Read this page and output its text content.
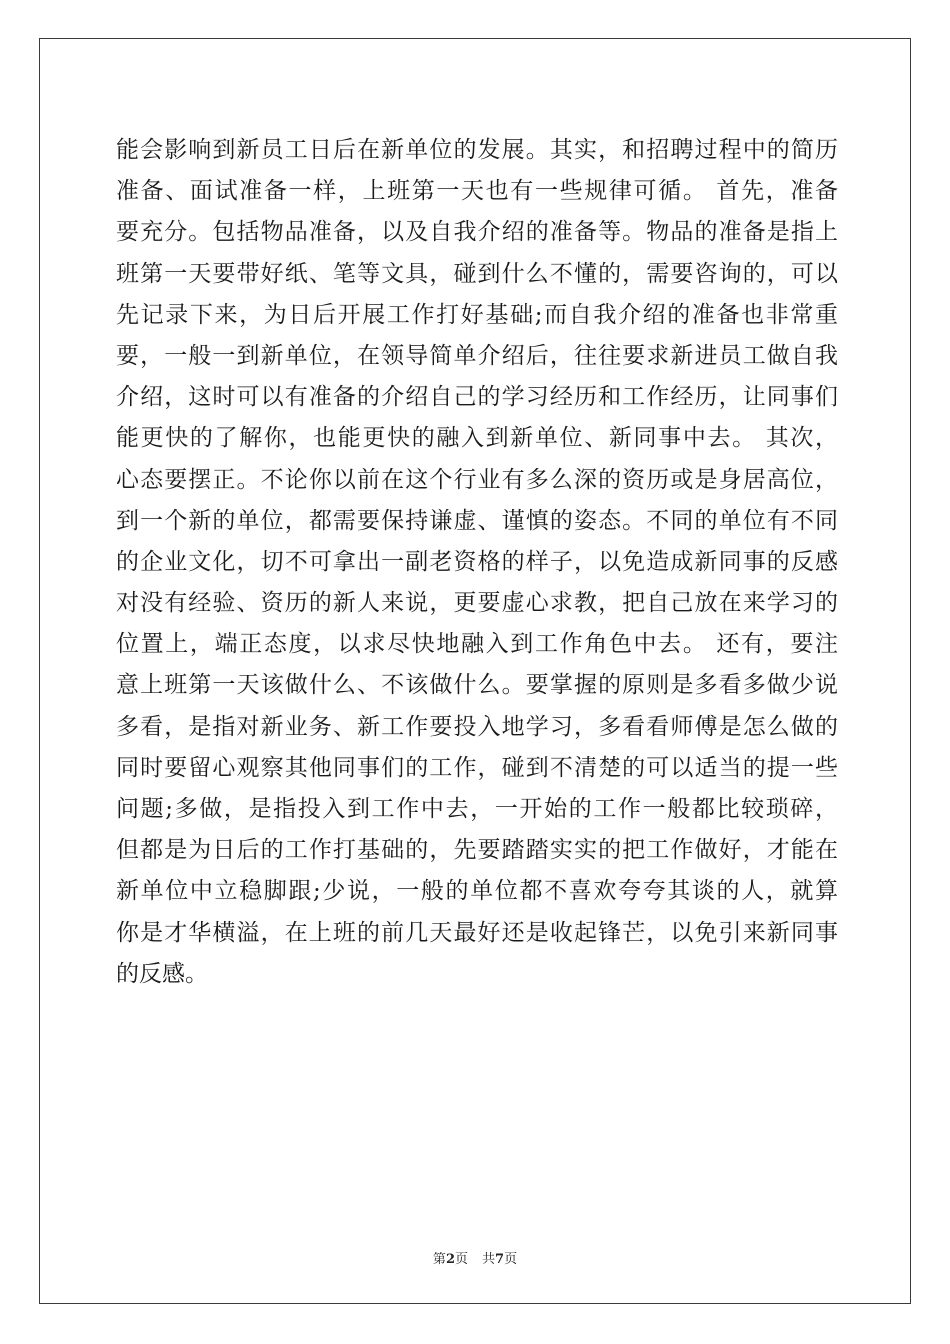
能会影响到新员工日后在新单位的发展。其实，和招聘过程中的简历
准备、面试准备一样，上班第一天也有一些规律可循。 首先，准备
要充分。包括物品准备，以及自我介绍的准备等。物品的准备是指上
班第一天要带好纸、笔等文具，碰到什么不懂的，需要咨询的，可以
先记录下来，为日后开展工作打好基础;而自我介绍的准备也非常重
要，一般一到新单位，在领导简单介绍后，往往要求新进员工做自我
介绍，这时可以有准备的介绍自己的学习经历和工作经历，让同事们
能更快的了解你，也能更快的融入到新单位、新同事中去。 其次，
心态要摆正。不论你以前在这个行业有多么深的资历或是身居高位，
到一个新的单位，都需要保持谦虚、谨慎的姿态。不同的单位有不同
的企业文化，切不可拿出一副老资格的样子，以免造成新同事的反感
对没有经验、资历的新人来说，更要虚心求教，把自己放在来学习的
位置上，端正态度，以求尽快地融入到工作角色中去。 还有，要注
意上班第一天该做什么、不该做什么。要掌握的原则是多看多做少说
多看，是指对新业务、新工作要投入地学习，多看看师傅是怎么做的
同时要留心观察其他同事们的工作，碰到不清楚的可以适当的提一些
问题;多做，是指投入到工作中去，一开始的工作一般都比较琐碎，
但都是为日后的工作打基础的，先要踏踏实实的把工作做好，才能在
新单位中立稳脚跟;少说，一般的单位都不喜欢夸夸其谈的人，就算
你是才华横溢，在上班的前几天最好还是收起锋芒，以免引来新同事
的反感。
第2页 共7页
